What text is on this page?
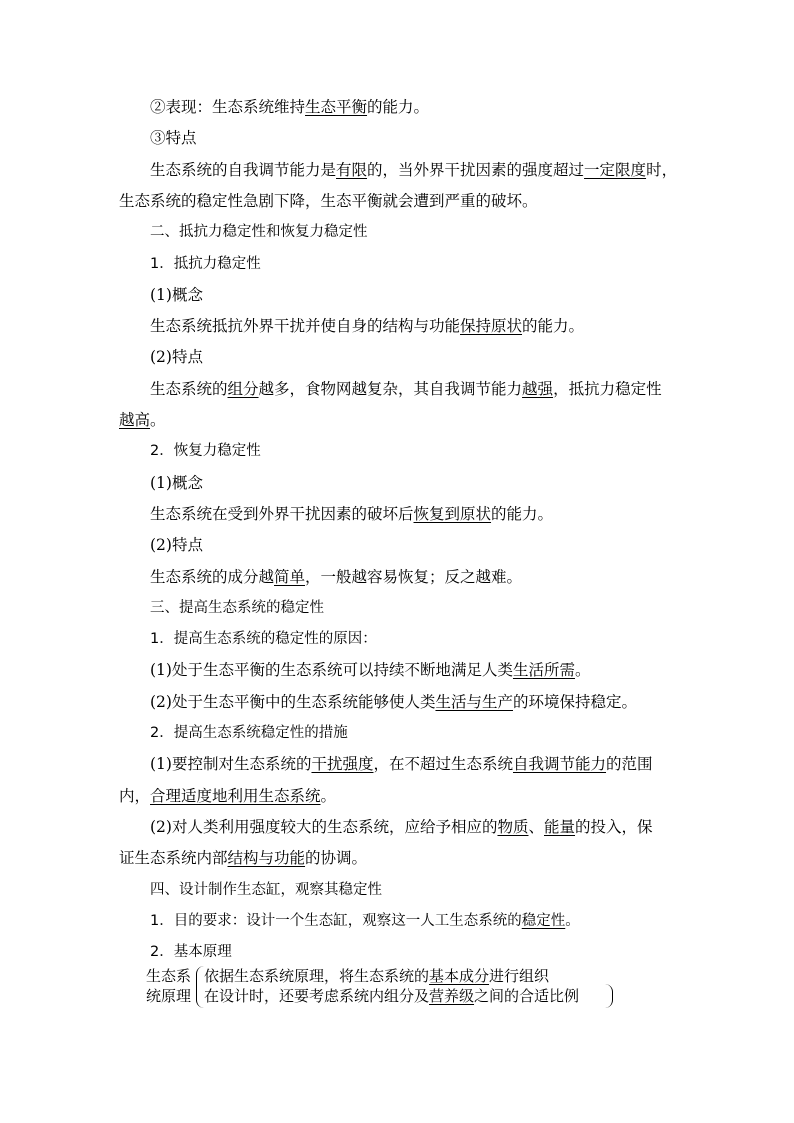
②表现：生态系统维持生态平衡的能力。
③特点
生态系统的自我调节能力是有限的，当外界干扰因素的强度超过一定限度时，
生态系统的稳定性急剧下降，生态平衡就会遭到严重的破坏。
二、抵抗力稳定性和恢复力稳定性
1．抵抗力稳定性
(1)概念
生态系统抵抗外界干扰并使自身的结构与功能保持原状的能力。
(2)特点
生态系统的组分越多，食物网越复杂，其自我调节能力越强，抵抗力稳定性
越高。
2．恢复力稳定性
(1)概念
生态系统在受到外界干扰因素的破坏后恢复到原状的能力。
(2)特点
生态系统的成分越简单，一般越容易恢复；反之越难。
三、提高生态系统的稳定性
1．提高生态系统的稳定性的原因：
(1)处于生态平衡的生态系统可以持续不断地满足人类生活所需。
(2)处于生态平衡中的生态系统能够使人类生活与生产的环境保持稳定。
2．提高生态系统稳定性的措施
(1)要控制对生态系统的干扰强度，在不超过生态系统自我调节能力的范围
内，合理适度地利用生态系统。
(2)对人类利用强度较大的生态系统，应给予相应的物质、能量的投入，保
证生态系统内部结构与功能的协调。
四、设计制作生态缸，观察其稳定性
1．目的要求：设计一个生态缸，观察这一人工生态系统的稳定性。
2．基本原理
生态系统原理
依据生态系统原理，将生态系统的基本成分进行组织
在设计时，还要考虑系统内组分及营养级之间的合适比例
